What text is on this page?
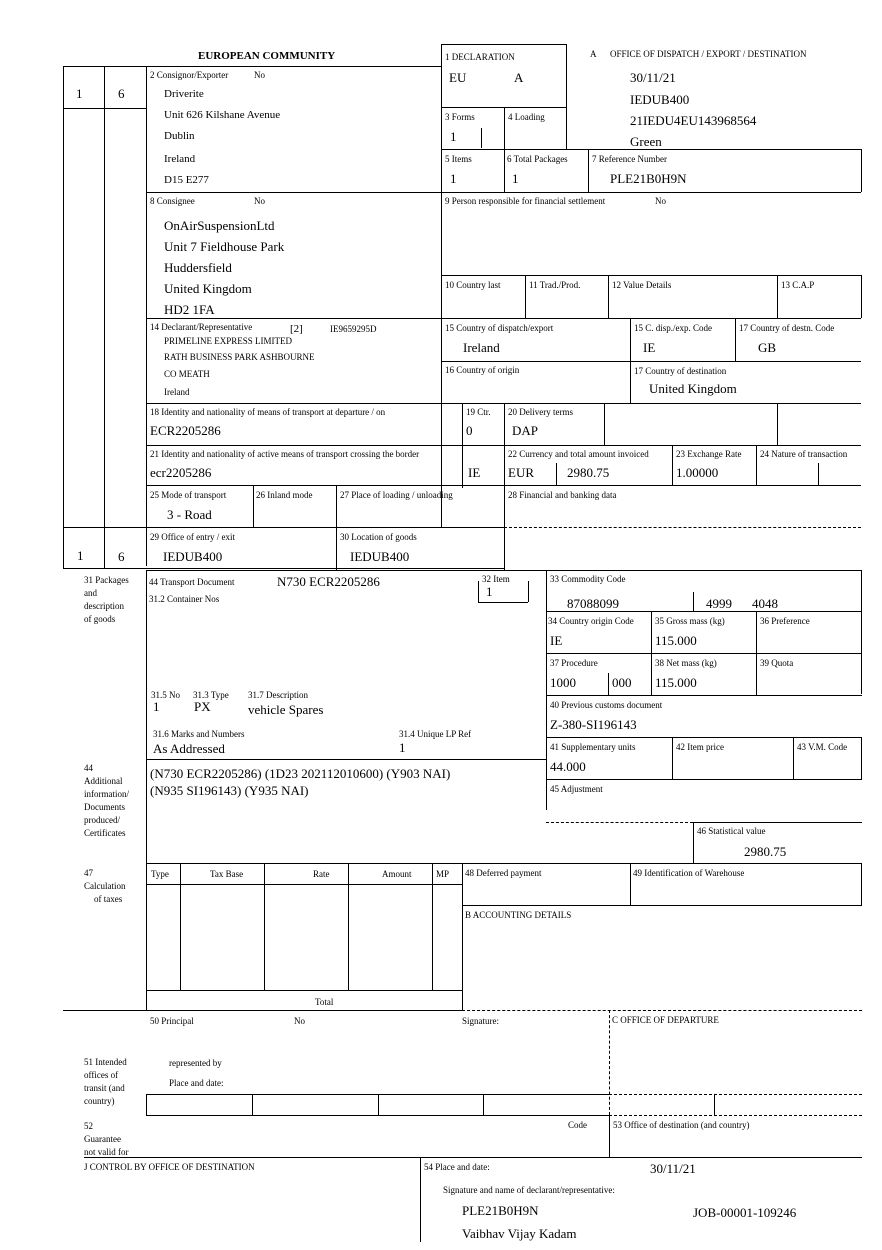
EUROPEAN COMMUNITY	1 DECLARATION
EU	A
A OFFICE OF DISPATCH / EXPORT / DESTINATION
30/11/21
IEDUB400
21IEDU4EU143968564
Green
1	6
2 Consignor/Exporter	No
Driverite
Unit 626 Kilshane Avenue
Dublin
Ireland
D15 E277
3 Forms
1
4 Loading
5 Items
1
6 Total Packages
1
7 Reference Number
PLE21B0H9N
8 Consignee	No
OnAirSuspensionLtd
Unit 7 Fieldhouse Park
Huddersfield
United Kingdom
HD2 1FA
9 Person responsible for financial settlement	No
10 Country last	11 Trad./Prod.	12 Value Details	13 C.A.P
14 Declarant/Representative	[2]	IE9659295D
PRIMELINE EXPRESS LIMITED
RATH BUSINESS PARK ASHBOURNE
CO MEATH
Ireland
15 Country of dispatch/export
Ireland
15 C. disp./exp. Code
IE
17 Country of destn. Code
GB
16 Country of origin	17 Country of destination
United Kingdom
18 Identity and nationality of means of transport at departure / on
ECR2205286
19 Ctr.
0
20 Delivery terms
DAP
21 Identity and nationality of active means of transport crossing the border
ecr2205286	IE
22 Currency and total amount invoiced
EUR	2980.75
23 Exchange Rate
1.00000
24 Nature of transaction
25 Mode of transport
3 - Road
26 Inland mode	27 Place of loading / unloading	28 Financial and banking data
1	6
29 Office of entry / exit
IEDUB400
30 Location of goods
IEDUB400
31 Packages
and
description
of goods
44 Transport Document	N730 ECR2205286
31.2 Container Nos
32 Item
1
31.5 No
1
31.3 Type
PX
31.7 Description
vehicle Spares
31.6 Marks and Numbers
As Addressed
31.4 Unique LP Ref
1
33 Commodity Code
87088099	4999 4048
34 Country origin Code
IE
35 Gross mass (kg)
115.000
36 Preference
37 Procedure
1000	000
38 Net mass (kg)
115.000
39 Quota
40 Previous customs document
Z-380-SI196143
41 Supplementary units
44.000
42 Item price	43 V.M. Code
45 Adjustment
46 Statistical value
2980.75
44
Additional
information/
Documents
produced/
Certificates
(N730 ECR2205286) (1D23 202112010600) (Y903 NAI)
(N935 SI196143) (Y935 NAI)
47
Calculation
of taxes
Type	Tax Base	Rate	Amount	MP
Total
48 Deferred payment	49 Identification of Warehouse
B ACCOUNTING DETAILS
50 Principal	No	Signature:	C OFFICE OF DEPARTURE
represented by
Place and date:
51 Intended
offices of
transit (and
country)
52
Guarantee
not valid for
Code	53 Office of destination (and country)
J CONTROL BY OFFICE OF DESTINATION	54 Place and date:	30/11/21
Signature and name of declarant/representative:
PLE21B0H9N	JOB-00001-109246
Vaibhav Vijay Kadam
